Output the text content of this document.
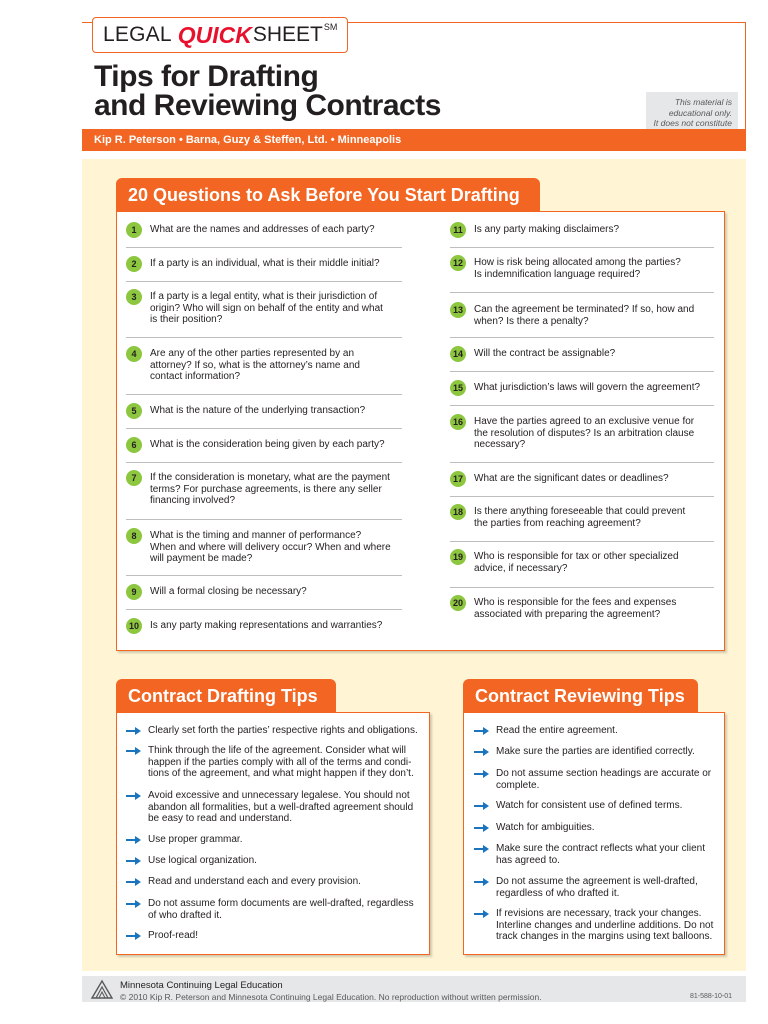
LEGAL QUICK SHEET SM
Tips for Drafting
and Reviewing Contracts	This material is
educational only.
It does not constitute
Kip R. Peterson • Barna, Guzy & Steffen, Ltd. • Minneapolis
20 Questions to Ask Before You Start Drafting
1	What are the names and addresses of each party?
2	If a party is an individual, what is their middle initial?
3	If a party is a legal entity, what is their jurisdiction of
origin? Who will sign on behalf of the entity and what
is their position?
4	Are any of the other parties represented by an
attorney? If so, what is the attorney’s name and
contact information?
5	What is the nature of the underlying transaction?
6	What is the consideration being given by each party?
7	If the consideration is monetary, what are the payment
terms? For purchase agreements, is there any seller
financing involved?
8	What is the timing and manner of performance?
When and where will delivery occur? When and where
will payment be made?
9	Will a formal closing be necessary?
10	Is any party making representations and warranties?
11	Is any party making disclaimers?
12	How is risk being allocated among the parties?
Is indemnification language required?
13	Can the agreement be terminated? If so, how and
when? Is there a penalty?
14	Will the contract be assignable?
15	What jurisdiction’s laws will govern the agreement?
16	Have the parties agreed to an exclusive venue for
the resolution of disputes? Is an arbitration clause
necessary?
17	What are the significant dates or deadlines?
18	Is there anything foreseeable that could prevent
the parties from reaching agreement?
19	Who is responsible for tax or other specialized
advice, if necessary?
20	Who is responsible for the fees and expenses
associated with preparing the agreement?
Contract Drafting Tips
Clearly set forth the parties’ respective rights and obligations.
Think through the life of the agreement. Consider what will
happen if the parties comply with all of the terms and condi-
tions of the agreement, and what might happen if they don’t.
Avoid excessive and unnecessary legalese. You should not
abandon all formalities, but a well-drafted agreement should
be easy to read and understand.
Use proper grammar.
Use logical organization.
Read and understand each and every provision.
Do not assume form documents are well-drafted, regardless
of who drafted it.
Proof-read!
Contract Reviewing Tips
Read the entire agreement.
Make sure the parties are identified correctly.
Do not assume section headings are accurate or
complete.
Watch for consistent use of defined terms.
Watch for ambiguities.
Make sure the contract reflects what your client
has agreed to.
Do not assume the agreement is well-drafted,
regardless of who drafted it.
If revisions are necessary, track your changes.
Interline changes and underline additions. Do not
track changes in the margins using text balloons.
Minnesota Continuing Legal Education
© 2010 Kip R. Peterson and Minnesota Continuing Legal Education. No reproduction without written permission.	81-588-10-01
